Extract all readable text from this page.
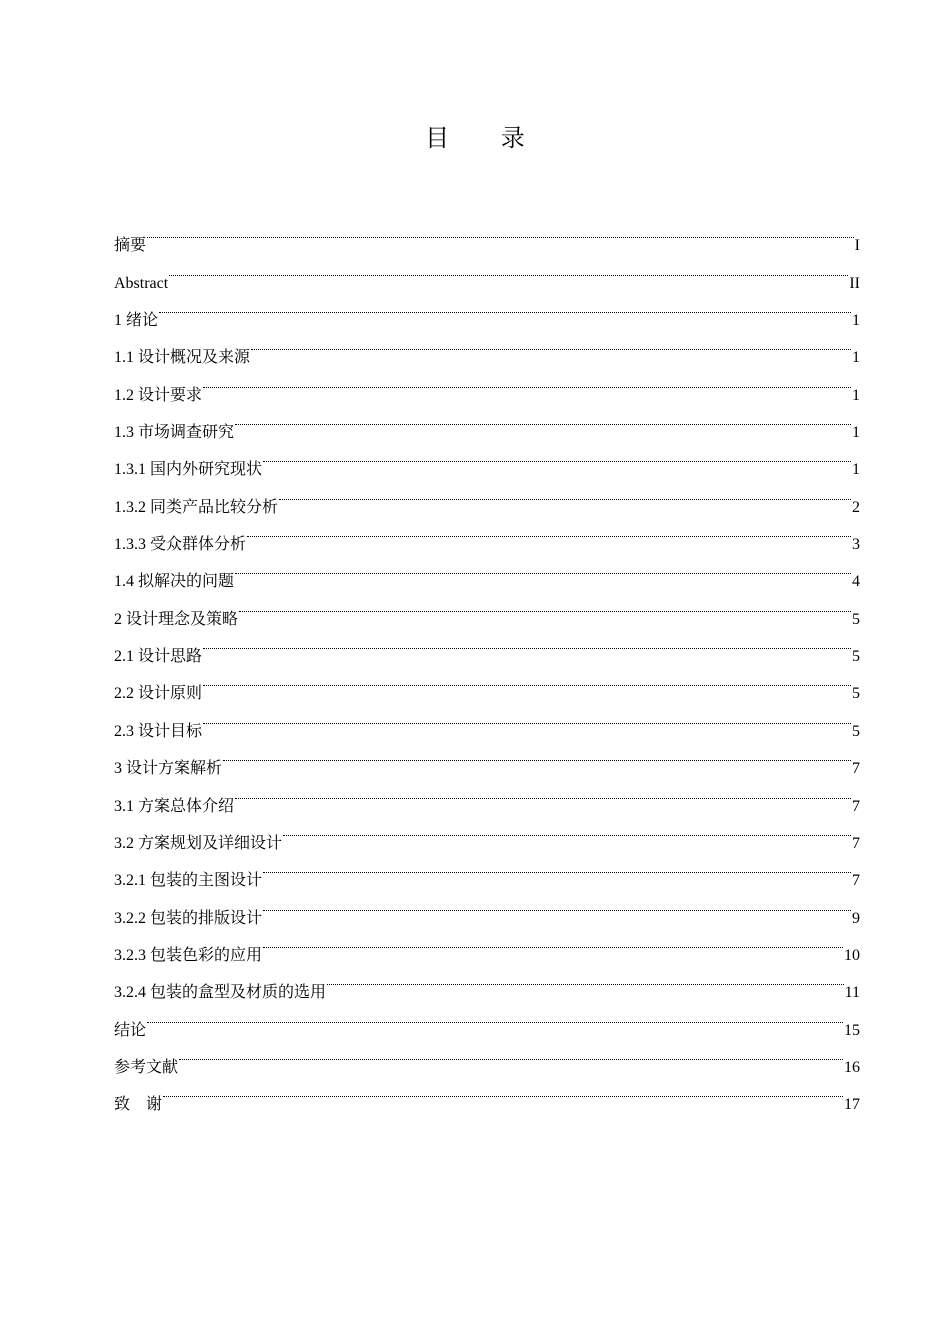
目 录
摘要	I
Abstract	II
1 绪论	1
1.1 设计概况及来源	1
1.2 设计要求	1
1.3 市场调查研究	1
1.3.1 国内外研究现状	1
1.3.2 同类产品比较分析	2
1.3.3 受众群体分析	3
1.4 拟解决的问题	4
2 设计理念及策略	5
2.1 设计思路	5
2.2 设计原则	5
2.3 设计目标	5
3 设计方案解析	7
3.1 方案总体介绍	7
3.2 方案规划及详细设计	7
3.2.1 包装的主图设计	7
3.2.2 包装的排版设计	9
3.2.3 包装色彩的应用	10
3.2.4 包装的盒型及材质的选用	11
结论	15
参考文献	16
致    谢	17
